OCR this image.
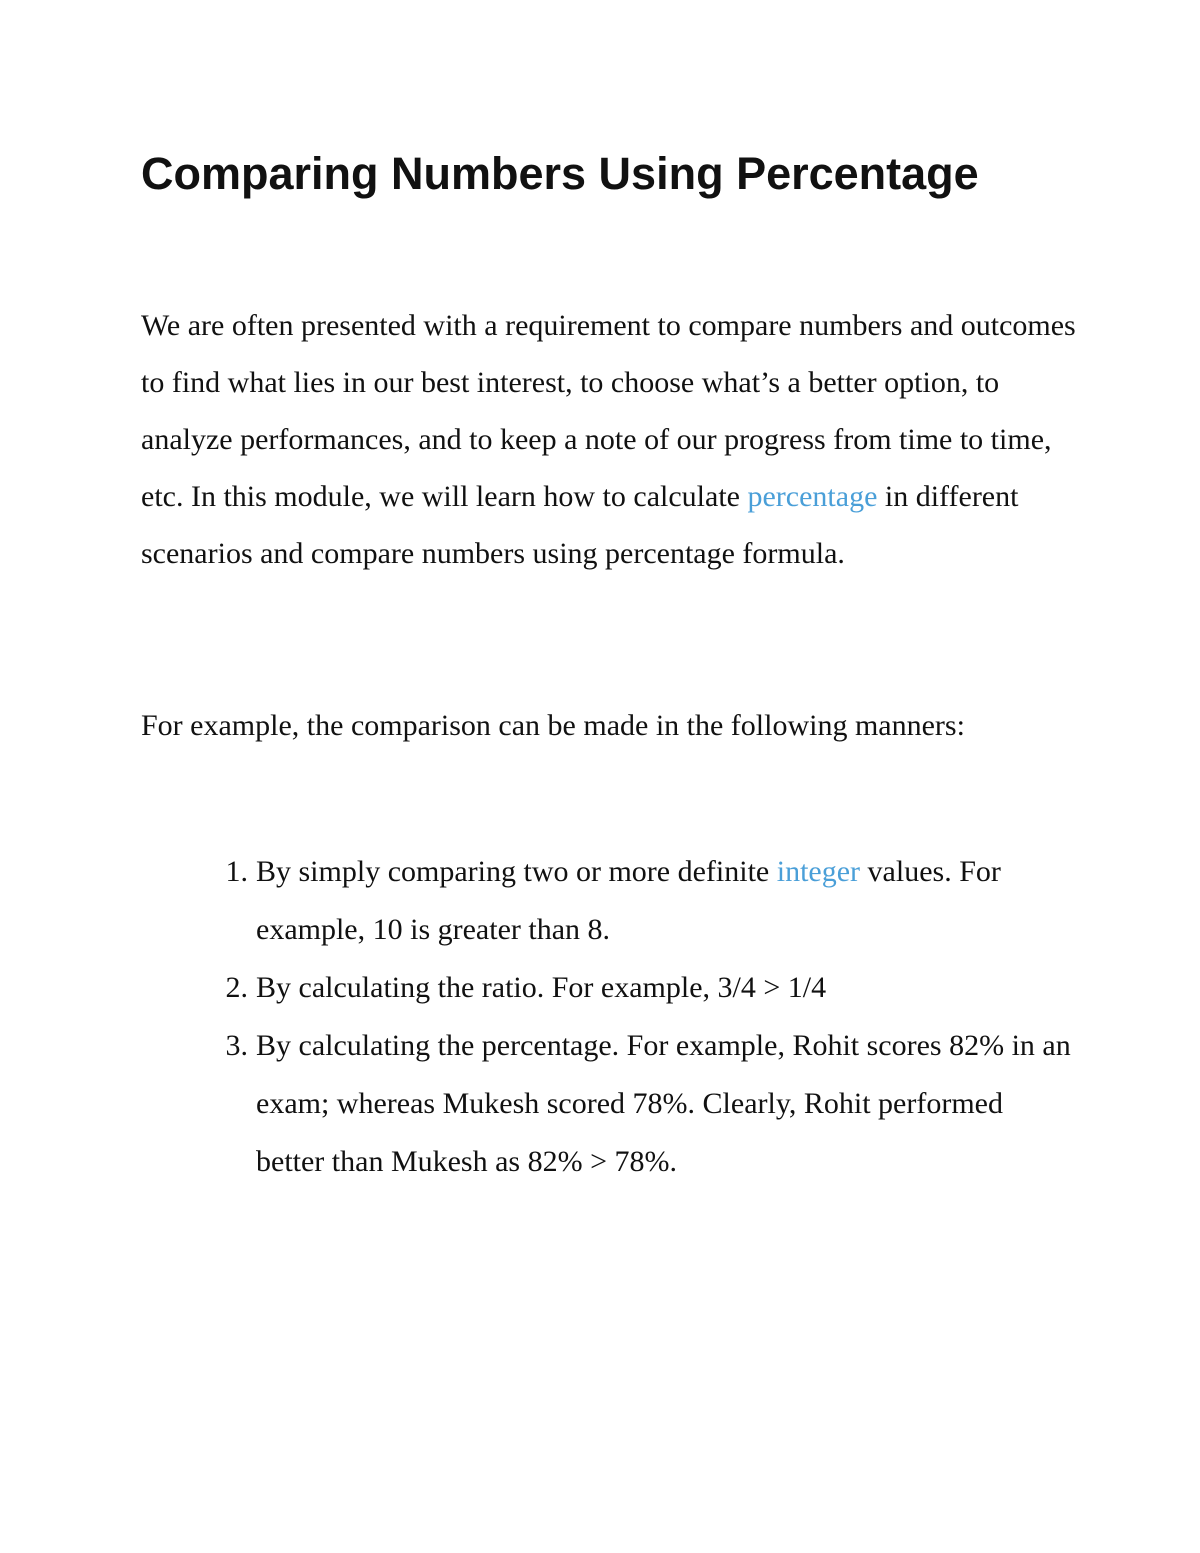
Comparing Numbers Using Percentage

We are often presented with a requirement to compare numbers and outcomes to find what lies in our best interest, to choose what’s a better option, to analyze performances, and to keep a note of our progress from time to time, etc. In this module, we will learn how to calculate percentage in different scenarios and compare numbers using percentage formula.

For example, the comparison can be made in the following manners:

1. By simply comparing two or more definite integer values. For example, 10 is greater than 8.
2. By calculating the ratio. For example, 3/4 > 1/4
3. By calculating the percentage. For example, Rohit scores 82% in an exam; whereas Mukesh scored 78%. Clearly, Rohit performed better than Mukesh as 82% > 78%.
